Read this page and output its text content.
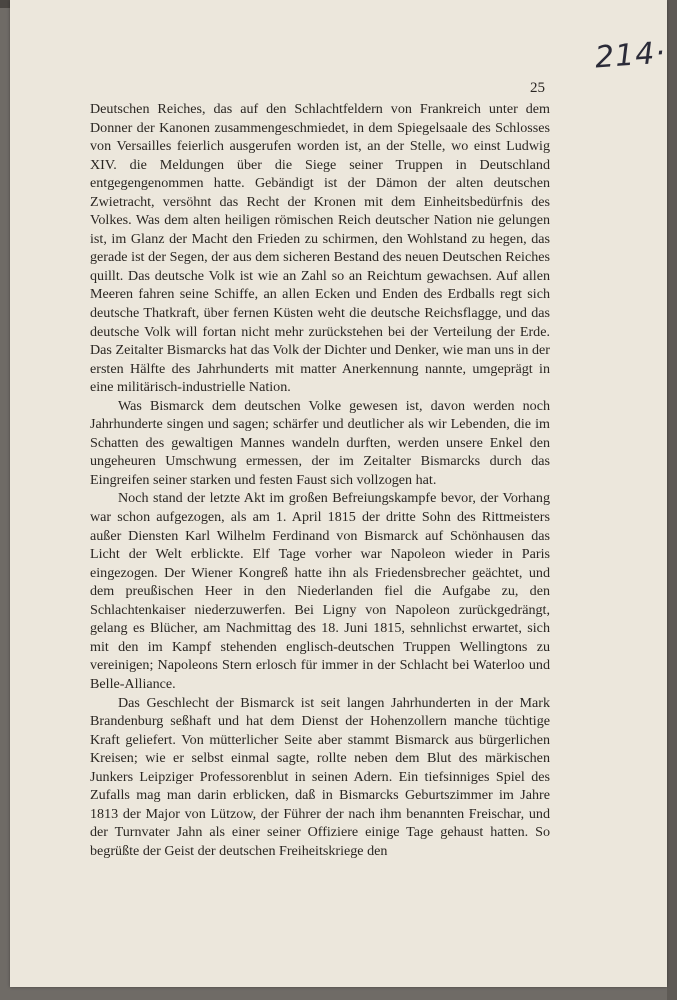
214·
25

Deutschen Reiches, das auf den Schlachtfeldern von Frankreich unter dem Donner der Kanonen zusammengeschmiedet, in dem Spiegelsaale des Schlosses von Versailles feierlich ausgerufen worden ist, an der Stelle, wo einst Ludwig XIV. die Meldungen über die Siege seiner Truppen in Deutschland entgegengenommen hatte. Gebändigt ist der Dämon der alten deutschen Zwietracht, versöhnt das Recht der Kronen mit dem Einheitsbedürfnis des Volkes. Was dem alten heiligen römischen Reich deutscher Nation nie gelungen ist, im Glanz der Macht den Frieden zu schirmen, den Wohlstand zu hegen, das gerade ist der Segen, der aus dem sicheren Bestand des neuen Deutschen Reiches quillt. Das deutsche Volk ist wie an Zahl so an Reichtum gewachsen. Auf allen Meeren fahren seine Schiffe, an allen Ecken und Enden des Erdballs regt sich deutsche Thatkraft, über fernen Küsten weht die deutsche Reichsflagge, und das deutsche Volk will fortan nicht mehr zurückstehen bei der Verteilung der Erde. Das Zeitalter Bismarcks hat das Volk der Dichter und Denker, wie man uns in der ersten Hälfte des Jahrhunderts mit matter Anerkennung nannte, umgeprägt in eine militärisch-industrielle Nation.

Was Bismarck dem deutschen Volke gewesen ist, davon werden noch Jahrhunderte singen und sagen; schärfer und deutlicher als wir Lebenden, die im Schatten des gewaltigen Mannes wandeln durften, werden unsere Enkel den ungeheuren Umschwung ermessen, der im Zeitalter Bismarcks durch das Eingreifen seiner starken und festen Faust sich vollzogen hat.

Noch stand der letzte Akt im großen Befreiungskampfe bevor, der Vorhang war schon aufgezogen, als am 1. April 1815 der dritte Sohn des Rittmeisters außer Diensten Karl Wilhelm Ferdinand von Bismarck auf Schönhausen das Licht der Welt erblickte. Elf Tage vorher war Napoleon wieder in Paris eingezogen. Der Wiener Kongreß hatte ihn als Friedensbrecher geächtet, und dem preußischen Heer in den Niederlanden fiel die Aufgabe zu, den Schlachtenkaiser niederzuwerfen. Bei Ligny von Napoleon zurückgedrängt, gelang es Blücher, am Nachmittag des 18. Juni 1815, sehnlichst erwartet, sich mit den im Kampf stehenden englisch-deutschen Truppen Wellingtons zu vereinigen; Napoleons Stern erlosch für immer in der Schlacht bei Waterloo und Belle-Alliance.

Das Geschlecht der Bismarck ist seit langen Jahrhunderten in der Mark Brandenburg seßhaft und hat dem Dienst der Hohenzollern manche tüchtige Kraft geliefert. Von mütterlicher Seite aber stammt Bismarck aus bürgerlichen Kreisen; wie er selbst einmal sagte, rollte neben dem Blut des märkischen Junkers Leipziger Professorenblut in seinen Adern. Ein tiefsinniges Spiel des Zufalls mag man darin erblicken, daß in Bismarcks Geburtszimmer im Jahre 1813 der Major von Lützow, der Führer der nach ihm benannten Freischar, und der Turnvater Jahn als einer seiner Offiziere einige Tage gehaust hatten. So begrüßte der Geist der deutschen Freiheitskriege den
